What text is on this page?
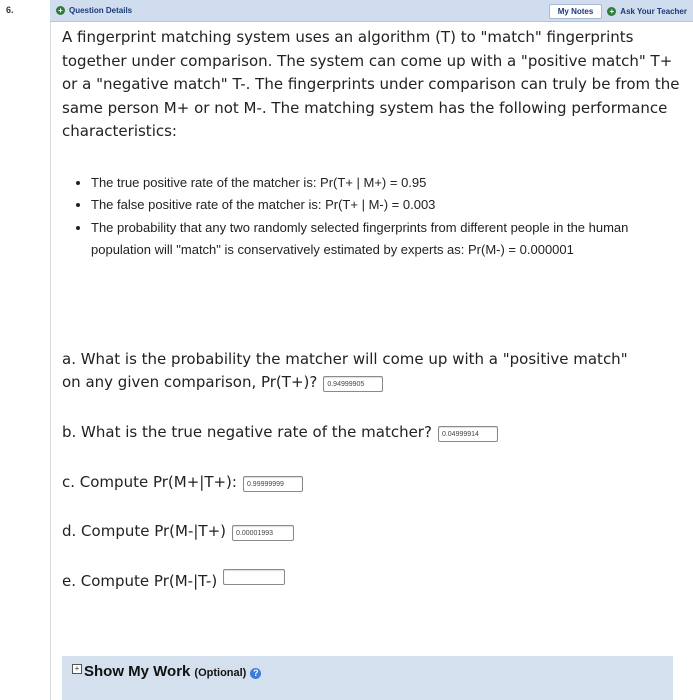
6.	+ Question Details	My Notes	+ Ask Your Teacher

A fingerprint matching system uses an algorithm (T) to "match" fingerprints together under comparison. The system can come up with a "positive match" T+ or a "negative match" T-. The fingerprints under comparison can truly be from the same person M+ or not M-. The matching system has the following performance characteristics:

• The true positive rate of the matcher is: Pr(T+ | M+) = 0.95
• The false positive rate of the matcher is: Pr(T+ | M-) = 0.003
• The probability that any two randomly selected fingerprints from different people in the human population will "match" is conservatively estimated by experts as: Pr(M-) = 0.000001
a. What is the probability the matcher will come up with a "positive match"
on any given comparison, Pr(T+)? 0.94999905
b. What is the true negative rate of the matcher? 0.04999914
c. Compute Pr(M+|T+): 0.99999999
d. Compute Pr(M-|T+) 0.00001993
e. Compute Pr(M-|T-)
+ Show My Work (Optional) ?
